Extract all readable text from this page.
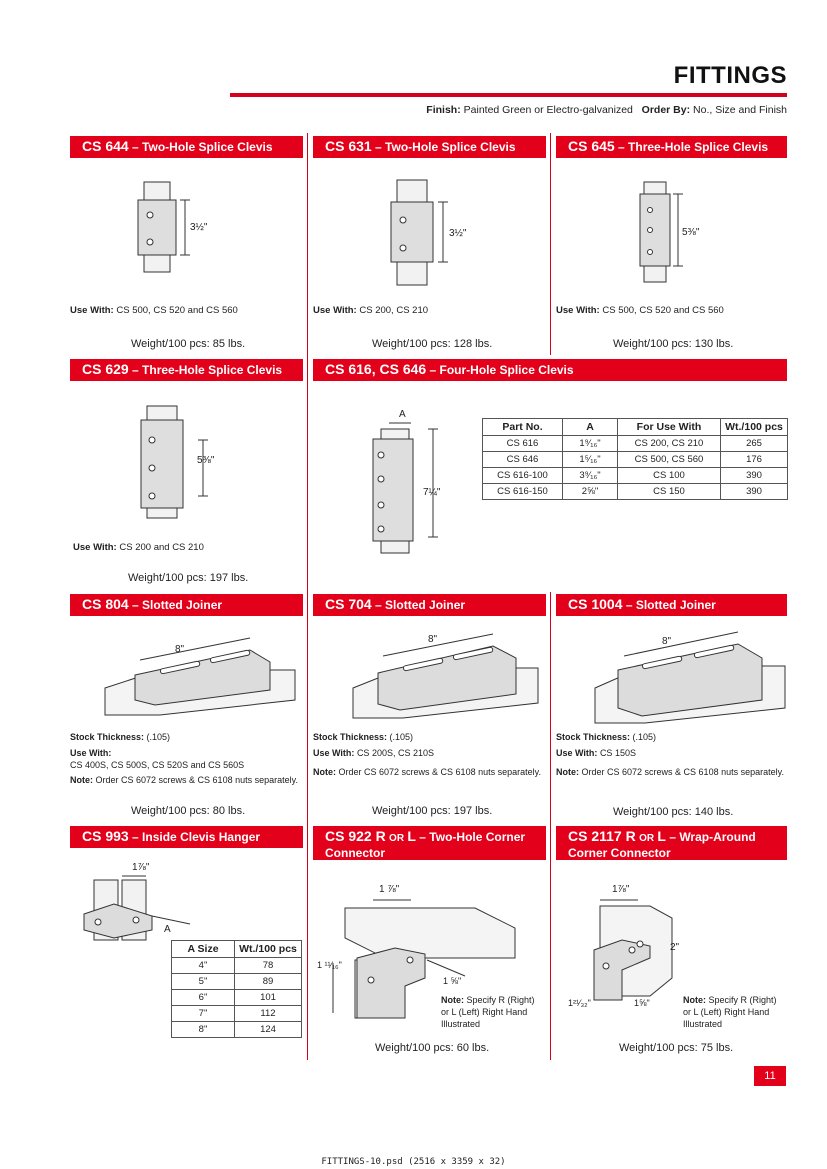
FITTINGS
Finish: Painted Green or Electro-galvanized Order By: No., Size and Finish
CS 644 – Two-Hole Splice Clevis
3½"
Use With: CS 500, CS 520 and CS 560
Weight/100 pcs: 85 lbs.
CS 631 – Two-Hole Splice Clevis
3½"
Use With: CS 200, CS 210
Weight/100 pcs: 128 lbs.
CS 645 – Three-Hole Splice Clevis
5⅜"
Use With: CS 500, CS 520 and CS 560
Weight/100 pcs: 130 lbs.
CS 629 – Three-Hole Splice Clevis
5⅜"
Use With: CS 200 and CS 210
Weight/100 pcs: 197 lbs.
CS 616, CS 646 – Four-Hole Splice Clevis
A
7¼"
Part No.	A	For Use With	Wt./100 pcs
CS 616	1⁹⁄₁₆"	CS 200, CS 210	265
CS 646	1⁵⁄₁₆"	CS 500, CS 560	176
CS 616-100	3⁹⁄₁₆"	CS 100	390
CS 616-150	2⅝"	CS 150	390
CS 804 – Slotted Joiner
8"
Stock Thickness: (.105)
Use With:
CS 400S, CS 500S, CS 520S and CS 560S
Note: Order CS 6072 screws & CS 6108 nuts separately.
Weight/100 pcs: 80 lbs.
CS 704 – Slotted Joiner
8"
Stock Thickness: (.105)
Use With: CS 200S, CS 210S
Note: Order CS 6072 screws & CS 6108 nuts separately.
Weight/100 pcs: 197 lbs.
CS 1004 – Slotted Joiner
8"
Stock Thickness: (.105)
Use With: CS 150S
Note: Order CS 6072 screws & CS 6108 nuts separately.
Weight/100 pcs: 140 lbs.
CS 993 – Inside Clevis Hanger
1⅞"
A
A Size	Wt./100 pcs
4"	78
5"	89
6"	101
7"	112
8"	124
CS 922 R OR L – Two-Hole Corner Connector
1 ⅞"
1 ¹¹⁄₁₆"
1 ⅝"
Note: Specify R (Right) or L (Left) Right Hand Illustrated
Weight/100 pcs: 60 lbs.
CS 2117 R OR L – Wrap-Around Corner Connector
1⅞"
2"
1²¹⁄₃₂"	1⅝"	Note: Specify R (Right) or L (Left) Right Hand Illustrated
Weight/100 pcs: 75 lbs.
11
FITTINGS-10.psd (2516 x 3359 x 32)
